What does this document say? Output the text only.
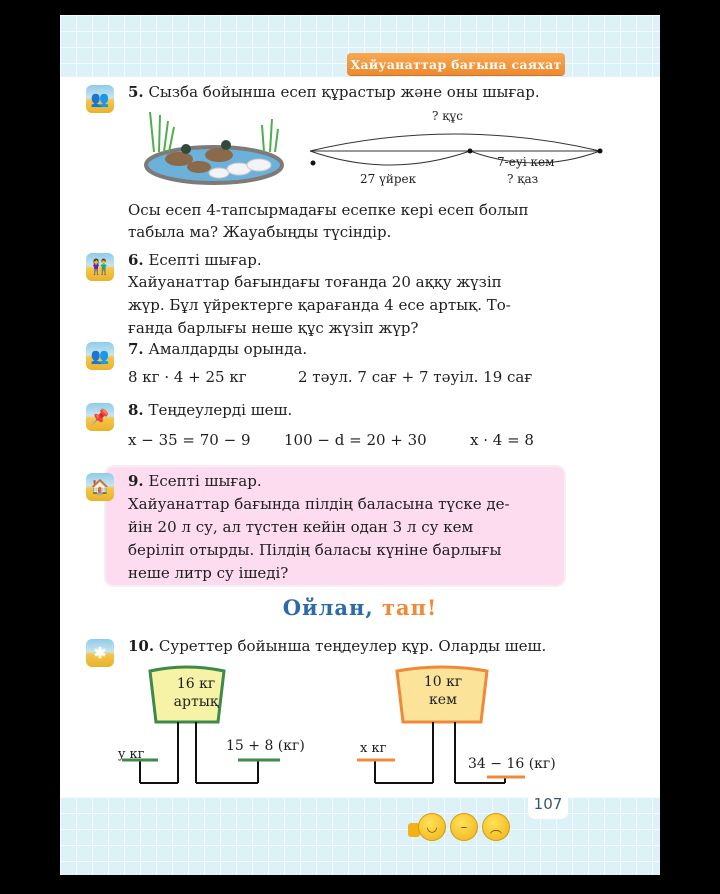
Хайуанаттар бағына саяхат
👥	5. Сызба бойынша есеп құрастыр және оны шығар.
? құс
7-еуі кем
27 үйрек	? қаз
Осы есеп 4-тапсырмадағы есепке кері есеп болып
табыла ма? Жауабыңды түсіндір.
👫	6. Есепті шығар.
Хайуанаттар бағындағы тоғанда 20 аққу жүзіп
жүр. Бұл үйректерге қарағанда 4 есе артық. То-
ғанда барлығы неше құс жүзіп жүр?
👥	7. Амалдарды орында.
8 кг · 4 + 25 кг	2 тәул. 7 сағ + 7 тәуіл. 19 сағ
📌	8. Теңдеулерді шеш.
x − 35 = 70 − 9 100 − d = 20 + 30	x · 4 = 8
🏠	9. Есепті шығар.
Хайуанаттар бағында пілдің баласына түске де-
йін 20 л су, ал түстен кейін одан 3 л су кем
беріліп отырды. Пілдің баласы күніне барлығы
неше литр су ішеді?
Ойлан, тап!
✱	10. Суреттер бойынша теңдеулер құр. Оларды шеш.
16 кг
артық
y кг
15 + 8 (кг)
10 кг
кем
x кг
34 − 16 (кг)
107
◡	–	︵
